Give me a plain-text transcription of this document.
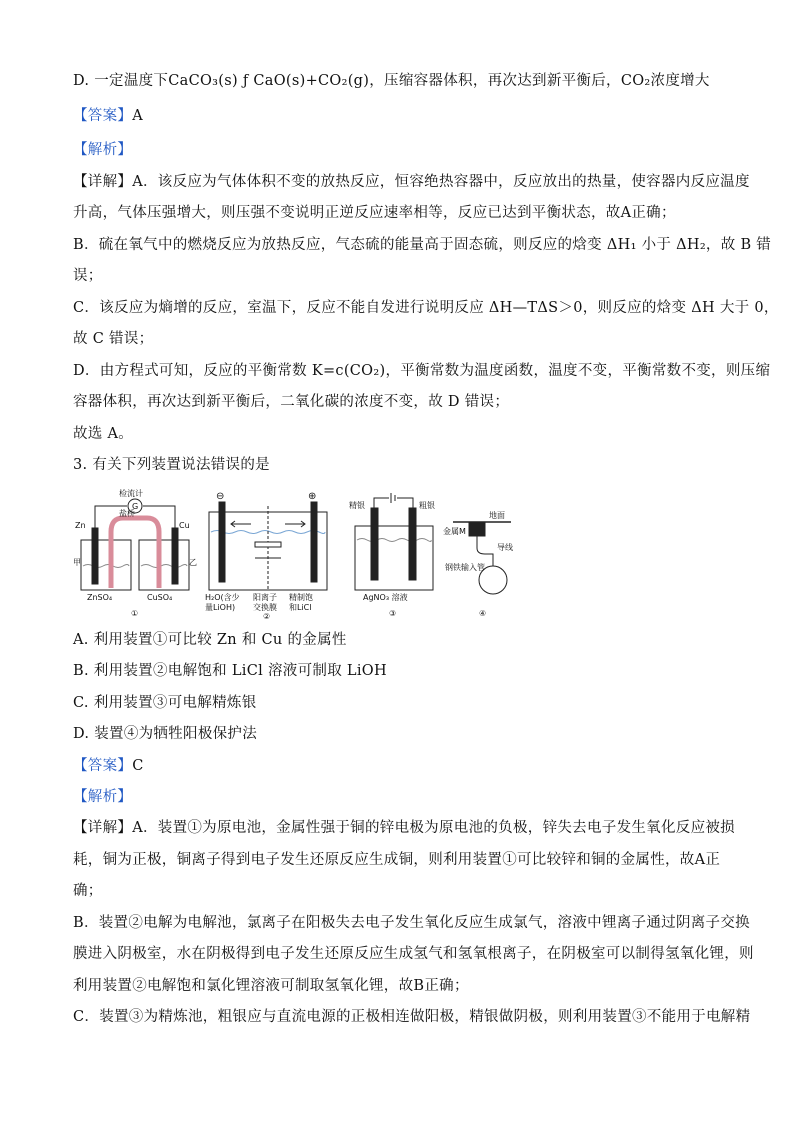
D. 一定温度下CaCO₃(s) ƒ CaO(s)+CO₂(g)，压缩容器体积，再次达到新平衡后，CO₂浓度增大
【答案】A
【解析】
【详解】A．该反应为气体体积不变的放热反应，恒容绝热容器中，反应放出的热量，使容器内反应温度
升高，气体压强增大，则压强不变说明正逆反应速率相等，反应已达到平衡状态，故A正确；
B．硫在氧气中的燃烧反应为放热反应，气态硫的能量高于固态硫，则反应的焓变 ΔH₁ 小于 ΔH₂，故 B 错
误；
C．该反应为熵增的反应，室温下，反应不能自发进行说明反应 ΔH—TΔS＞0，则反应的焓变 ΔH 大于 0，
故 C 错误；
D．由方程式可知，反应的平衡常数 K=c(CO₂)，平衡常数为温度函数，温度不变，平衡常数不变，则压缩
容器体积，再次达到新平衡后，二氧化碳的浓度不变，故 D 错误；
故选 A。
3. 有关下列装置说法错误的是
检流计
G
盐桥
Zn	Cu
甲	乙
ZnSO₄	CuSO₄
①
⊖	⊕
H₂O(含少
量LiOH)
阳离子
交换膜
精制饱
和LiCl
②
精银	粗银
AgNO₃ 溶液
③
金属M
地面
导线
钢铁输入管
④
A. 利用装置①可比较 Zn 和 Cu 的金属性
B. 利用装置②电解饱和 LiCl 溶液可制取 LiOH
C. 利用装置③可电解精炼银
D. 装置④为牺牲阳极保护法
【答案】C
【解析】
【详解】A．装置①为原电池，金属性强于铜的锌电极为原电池的负极，锌失去电子发生氧化反应被损
耗，铜为正极，铜离子得到电子发生还原反应生成铜，则利用装置①可比较锌和铜的金属性，故A正
确；
B．装置②电解为电解池，氯离子在阳极失去电子发生氧化反应生成氯气，溶液中锂离子通过阴离子交换
膜进入阴极室，水在阴极得到电子发生还原反应生成氢气和氢氧根离子，在阴极室可以制得氢氧化锂，则
利用装置②电解饱和氯化锂溶液可制取氢氧化锂，故B正确；
C．装置③为精炼池，粗银应与直流电源的正极相连做阳极，精银做阴极，则利用装置③不能用于电解精
